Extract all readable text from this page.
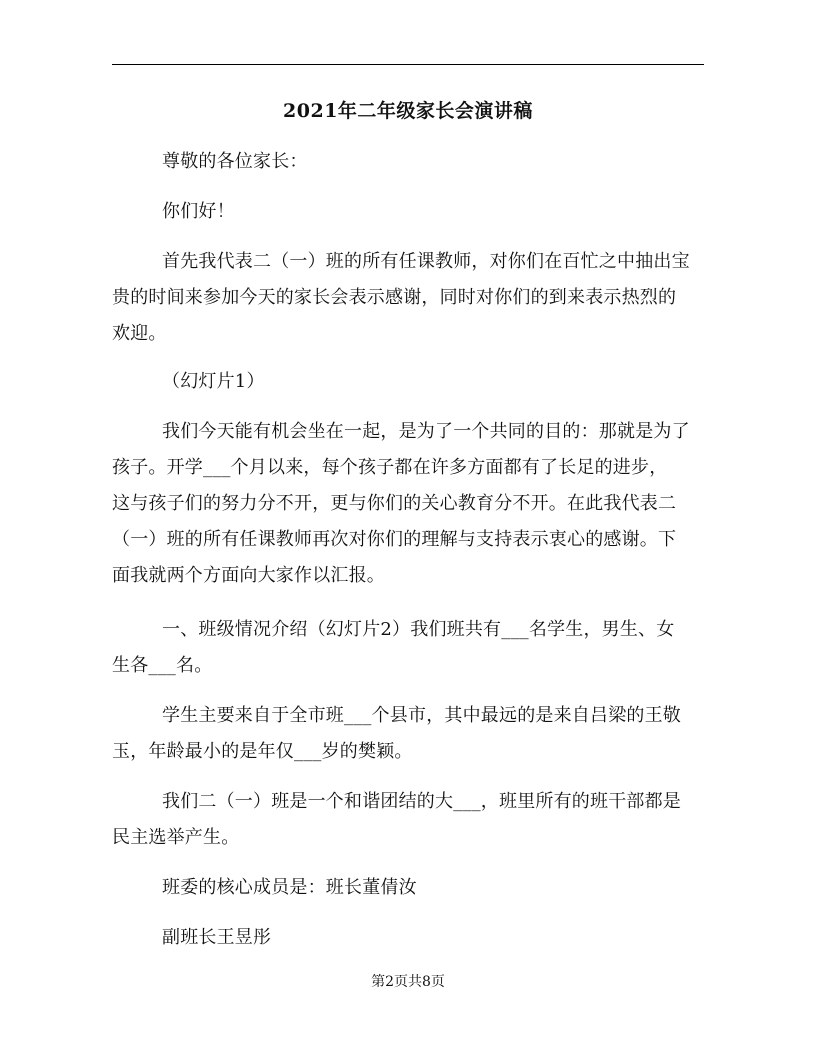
2021年二年级家长会演讲稿
尊敬的各位家长：
你们好！
首先我代表二（一）班的所有任课教师，对你们在百忙之中抽出宝
贵的时间来参加今天的家长会表示感谢，同时对你们的到来表示热烈的
欢迎。
（幻灯片1）
我们今天能有机会坐在一起，是为了一个共同的目的：那就是为了
孩子。开学___个月以来，每个孩子都在许多方面都有了长足的进步，
这与孩子们的努力分不开，更与你们的关心教育分不开。在此我代表二
（一）班的所有任课教师再次对你们的理解与支持表示衷心的感谢。下
面我就两个方面向大家作以汇报。
一、班级情况介绍（幻灯片2）我们班共有___名学生，男生、女
生各___名。
学生主要来自于全市班___个县市，其中最远的是来自吕梁的王敬
玉，年龄最小的是年仅___岁的樊颖。
我们二（一）班是一个和谐团结的大___，班里所有的班干部都是
民主选举产生。
班委的核心成员是：班长董倩汝
副班长王昱彤
第2页共8页
